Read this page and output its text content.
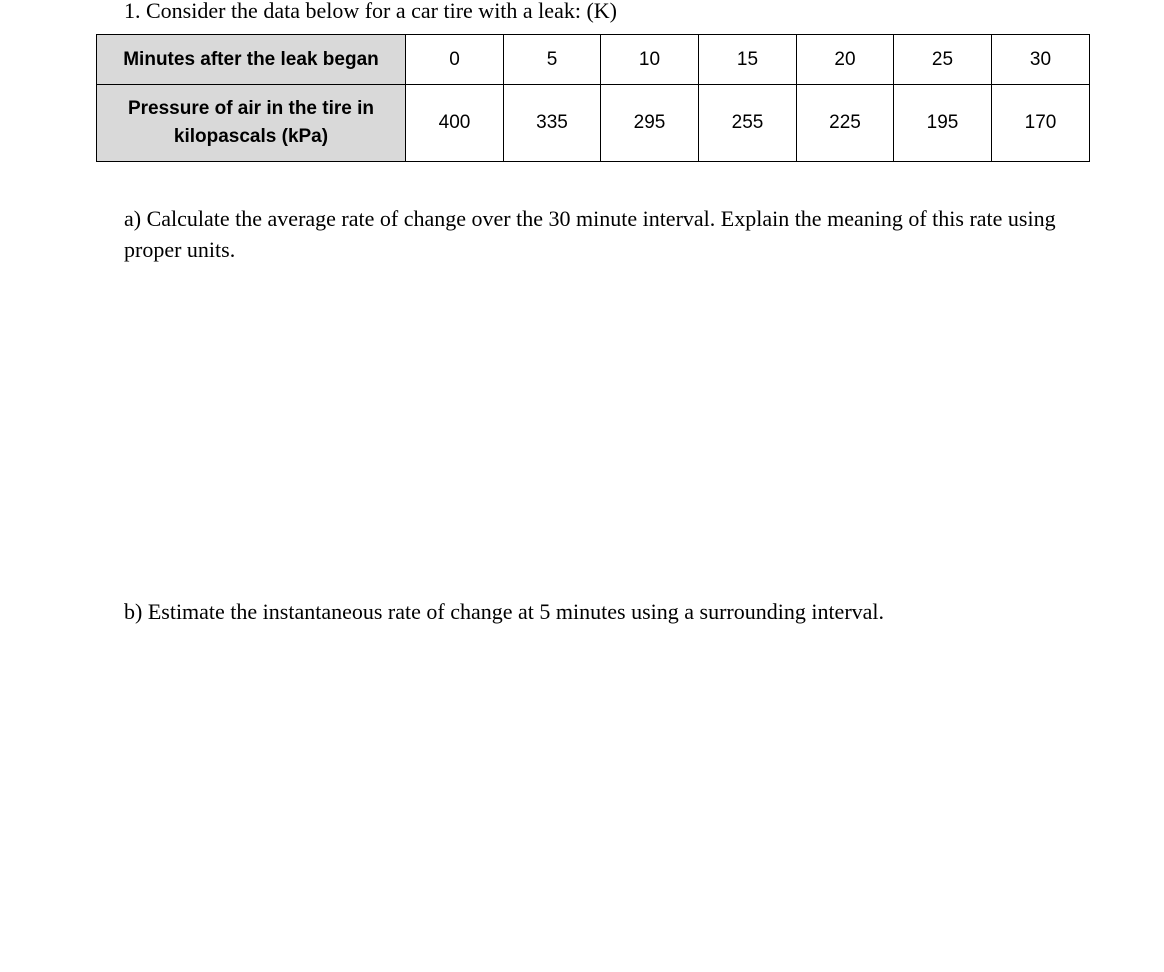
1. Consider the data below for a car tire with a leak: (K)
Minutes after the leak began	0	5	10	15	20	25	30

Pressure of air in the tire in
kilopascals (kPa)	400	335	295	255	225	195	170
a) Calculate the average rate of change over the 30 minute interval. Explain the meaning of this rate using proper units.
b) Estimate the instantaneous rate of change at 5 minutes using a surrounding interval.
